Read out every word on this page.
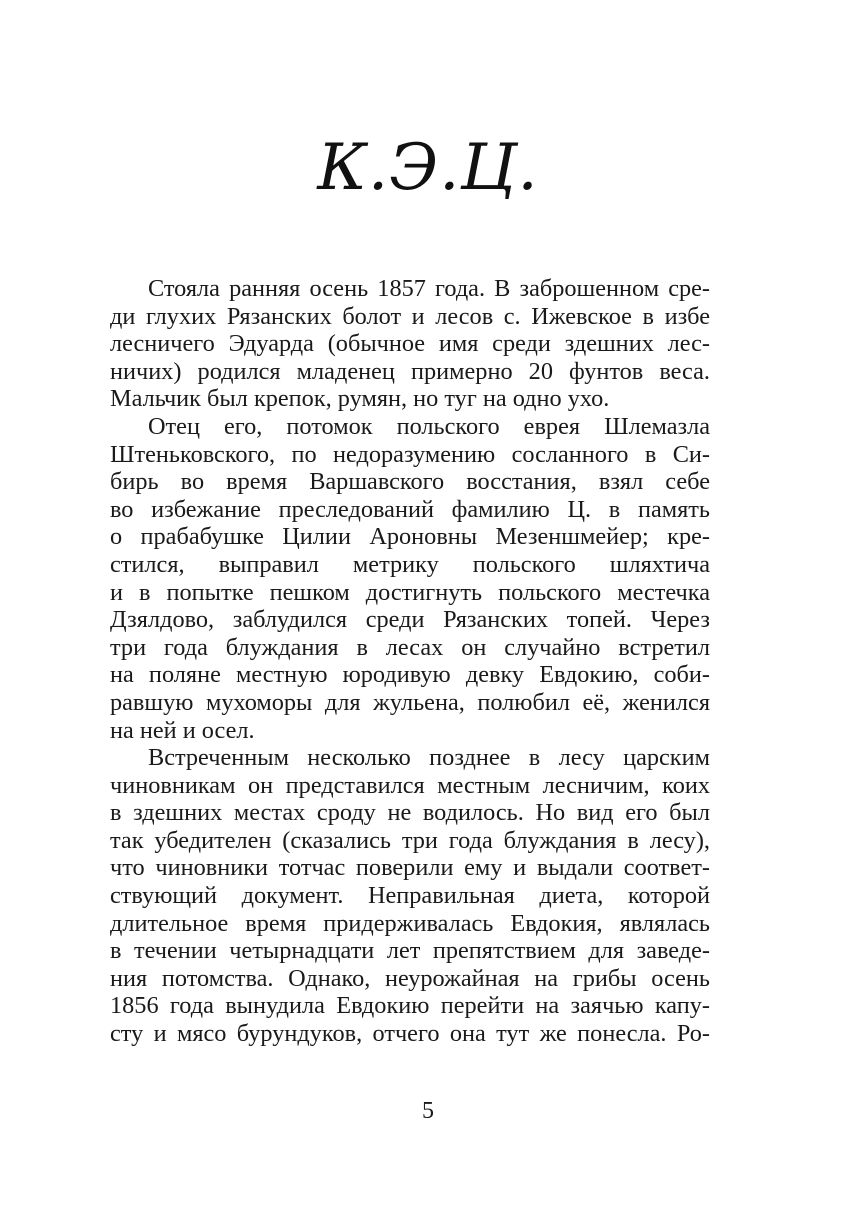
К.Э.Ц.
Стояла ранняя осень 1857 года. В заброшенном сре-
ди глухих Рязанских болот и лесов с. Ижевское в избе
лесничего Эдуарда (обычное имя среди здешних лес-
ничих) родился младенец примерно 20 фунтов веса.
Мальчик был крепок, румян, но туг на одно ухо.
Отец его, потомок польского еврея Шлемазла
Штеньковского, по недоразумению сосланного в Си-
бирь во время Варшавского восстания, взял себе
во избежание преследований фамилию Ц. в память
о прабабушке Цилии Ароновны Мезеншмейер; кре-
стился, выправил метрику польского шляхтича
и в попытке пешком достигнуть польского местечка
Дзялдово, заблудился среди Рязанских топей. Через
три года блуждания в лесах он случайно встретил
на поляне местную юродивую девку Евдокию, соби-
равшую мухоморы для жульена, полюбил её, женился
на ней и осел.
Встреченным несколько позднее в лесу царским
чиновникам он представился местным лесничим, коих
в здешних местах сроду не водилось. Но вид его был
так убедителен (сказались три года блуждания в лесу),
что чиновники тотчас поверили ему и выдали соответ-
ствующий документ. Неправильная диета, которой
длительное время придерживалась Евдокия, являлась
в течении четырнадцати лет препятствием для заведе-
ния потомства. Однако, неурожайная на грибы осень
1856 года вынудила Евдокию перейти на заячью капу-
сту и мясо бурундуков, отчего она тут же понесла. Ро-
5
